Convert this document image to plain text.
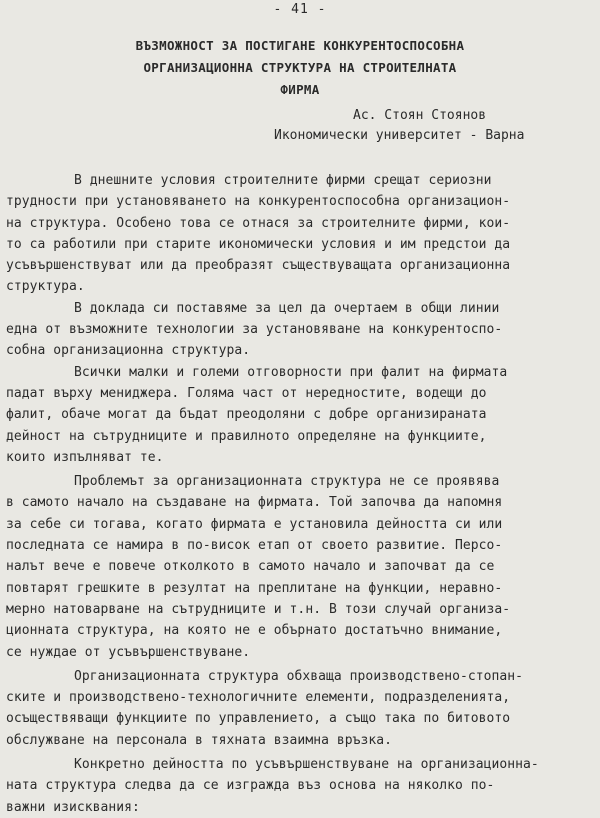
- 41 -
ВЪЗМОЖНОСТ ЗА ПОСТИГАНЕ КОНКУРЕНТОСПОСОБНА
ОРГАНИЗАЦИОННА СТРУКТУРА НА СТРОИТЕЛНАТА
ФИРМА
Ас. Стоян Стоянов
Икономически университет - Варна
В днешните условия строителните фирми срещат сериозни
трудности при установяването на конкурентоспособна организацион-
на структура. Особено това се отнася за строителните фирми, кои-
то са работили при старите икономически условия и им предстои да
усъвършенствуват или да преобразят съществуващата организационна
структура.
В доклада си поставяме за цел да очертаем в общи линии
една от възможните технологии за установяване на конкурентоспо-
собна организационна структура.
Всички малки и големи отговорности при фалит на фирмата
падат върху мениджера. Голяма част от нередностите, водещи до
фалит, обаче могат да бъдат преодоляни с добре организираната
дейност на сътрудниците и правилното определяне на функциите,
които изпълняват те.
Проблемът за организационната структура не се проявява
в самото начало на създаване на фирмата. Той започва да напомня
за себе си тогава, когато фирмата е установила дейността си или
последната се намира в по-висок етап от своето развитие. Персо-
налът вече е повече отколкото в самото начало и започват да се
повтарят грешките в резултат на преплитане на функции, неравно-
мерно натоварване на сътрудниците и т.н. В този случай организа-
ционната структура, на която не е обърнато достатъчно внимание,
се нуждае от усъвършенствуване.
Организационната структура обхваща производствено-стопан-
ските и производствено-технологичните елементи, подразделенията,
осъществяващи функциите по управлението, а също така по битовото
обслужване на персонала в тяхната взаимна връзка.
Конкретно дейността по усъвършенствуване на организационна-
ната структура следва да се изгражда въз основа на няколко по-
важни изисквания:
